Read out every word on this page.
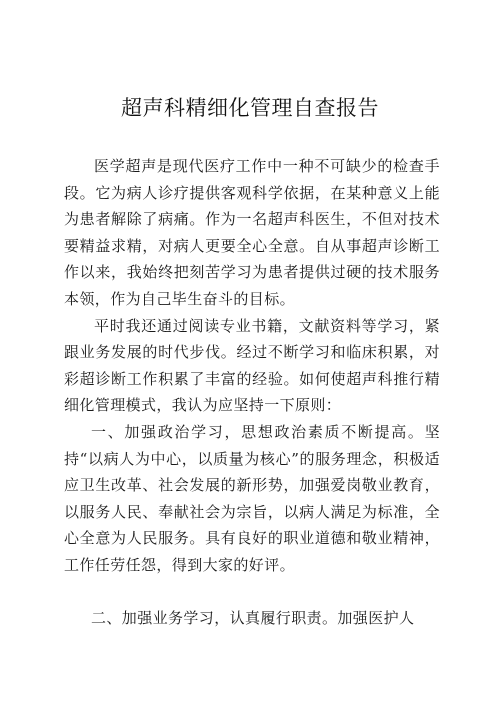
超声科精细化管理自查报告

医学超声是现代医疗工作中一种不可缺少的检查手段。它为病人诊疗提供客观科学依据，在某种意义上能为患者解除了病痛。作为一名超声科医生，不但对技术要精益求精，对病人更要全心全意。自从事超声诊断工作以来，我始终把刻苦学习为患者提供过硬的技术服务本领，作为自己毕生奋斗的目标。

平时我还通过阅读专业书籍，文献资料等学习，紧跟业务发展的时代步伐。经过不断学习和临床积累，对彩超诊断工作积累了丰富的经验。如何使超声科推行精细化管理模式，我认为应坚持一下原则：

一、加强政治学习，思想政治素质不断提高。坚持“以病人为中心，以质量为核心”的服务理念，积极适应卫生改革、社会发展的新形势，加强爱岗敬业教育，以服务人民、奉献社会为宗旨，以病人满足为标准，全心全意为人民服务。具有良好的职业道德和敬业精神，工作任劳任怨，得到大家的好评。

二、加强业务学习，认真履行职责。加强医护人
